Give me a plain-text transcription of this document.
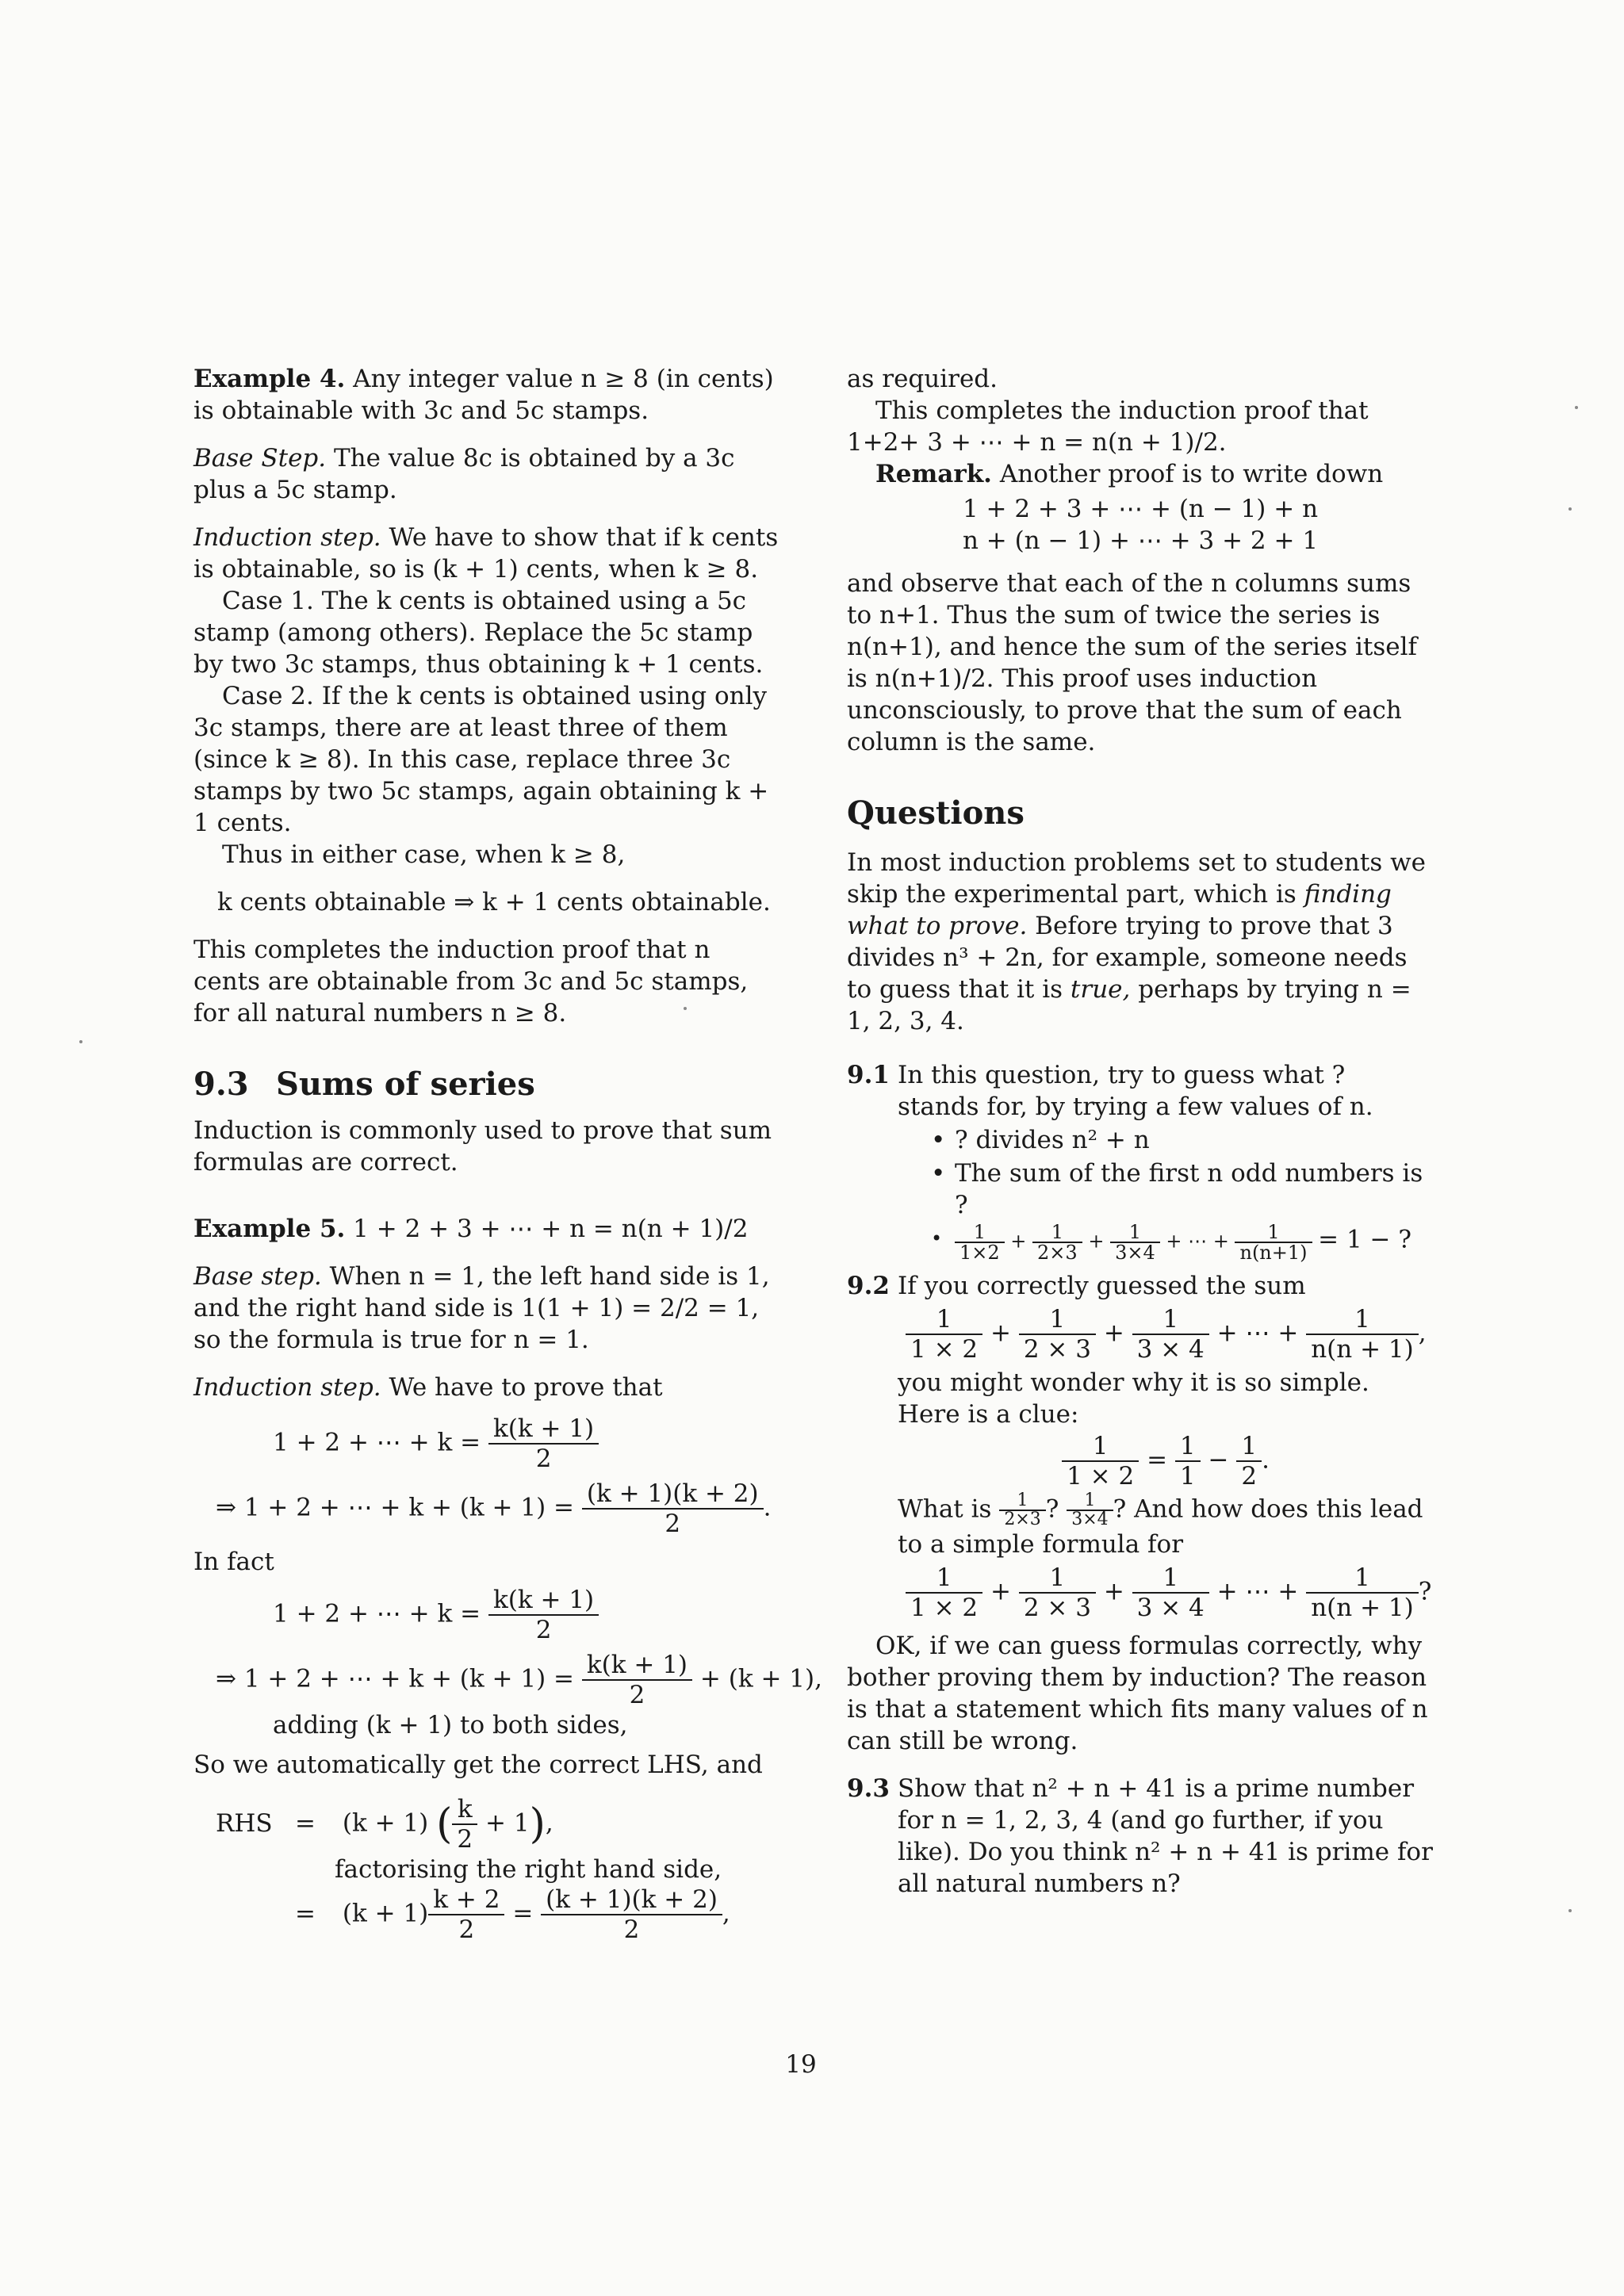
Example 4. Any integer value n ≥ 8 (in cents) is obtainable with 3c and 5c stamps.

Base Step. The value 8c is obtained by a 3c plus a 5c stamp.

Induction step. We have to show that if k cents is obtainable, so is (k + 1) cents, when k ≥ 8.

Case 1. The k cents is obtained using a 5c stamp (among others). Replace the 5c stamp by two 3c stamps, thus obtaining k + 1 cents.

Case 2. If the k cents is obtained using only 3c stamps, there are at least three of them (since k ≥ 8). In this case, replace three 3c stamps by two 5c stamps, again obtaining k + 1 cents.

Thus in either case, when k ≥ 8,

k cents obtainable ⇒ k + 1 cents obtainable.

This completes the induction proof that n cents are obtainable from 3c and 5c stamps, for all natural numbers n ≥ 8.

9.3 Sums of series

Induction is commonly used to prove that sum formulas are correct.

Example 5. 1 + 2 + 3 + ⋯ + n = n(n + 1)/2

Base step. When n = 1, the left hand side is 1, and the right hand side is 1(1 + 1) = 2/2 = 1, so the formula is true for n = 1.

Induction step. We have to prove that

1 + 2 + ⋯ + $k = \frac{k(k + 1)}{2}$
⇒ 1 + 2 + ⋯ + $k + (k + 1) = \frac{(k + 1)(k + 2)}{2}$ .

In fact

1 + 2 + ⋯ + $k = \frac{k(k + 1)}{2}$
⇒ 1 + 2 + ⋯ + $k + (k + 1) = \frac{k(k + 1)}{2} + (k + 1)$,

adding (k + 1) to both sides,

So we automatically get the correct LHS, and

RHS = (k + 1) ( $\frac{k}{2} + 1$),

factorising the right hand side,

= $(k + 1) \frac{k + 2}{2} = \frac{(k + 1)(k + 2)}{2}$ ,

as required.

This completes the induction proof that 1+2+ 3 + ⋯ + n = n(n + 1)/2.

Remark. Another proof is to write down

1 + 2 + 3 + ⋯ + (n − 1) + n
n + (n − 1) + ⋯ + 3 + 2 + 1

and observe that each of the n columns sums to n+1. Thus the sum of twice the series is n(n+1), and hence the sum of the series itself is n(n+1)/2. This proof uses induction unconsciously, to prove that the sum of each column is the same.

Questions

In most induction problems set to students we skip the experimental part, which is finding what to prove. Before trying to prove that 3 divides n³ + 2n, for example, someone needs to guess that it is true, perhaps by trying n = 1, 2, 3, 4.

9.1 In this question, try to guess what ? stands for, by trying a few values of n.

• ? divides n² + n
• The sum of the first n odd numbers is ?
• $\frac{1}{1\times 2} + \frac{1}{2\times 3} + \frac{1}{3\times 4}$ + ⋯ + $\frac{1}{n(n+1)} = 1$ − ?
9.2 If you correctly guessed the sum

$\frac{1}{1 \times 2} + \frac{1}{2 \times 3} + \frac{1}{3 \times 4}$ + ⋯ + $\frac{1}{n(n + 1)}$ ,

you might wonder why it is so simple. Here is a clue:

$\frac{1}{1 \times 2} = \frac{1}{1} - \frac{1}{2}$ .

What is $\frac{1}{2\times 3}$ ? $\frac{1}{3\times 4}$ ? And how does this lead to a simple formula for

$\frac{1}{1 \times 2} + \frac{1}{2 \times 3} + \frac{1}{3 \times 4}$ + ⋯ + $\frac{1}{n(n + 1)}$ ?

OK, if we can guess formulas correctly, why bother proving them by induction? The reason is that a statement which fits many values of n can still be wrong.

9.3 Show that n² + n + 41 is a prime number for n = 1, 2, 3, 4 (and go further, if you like). Do you think n² + n + 41 is prime for all natural numbers n?

19
